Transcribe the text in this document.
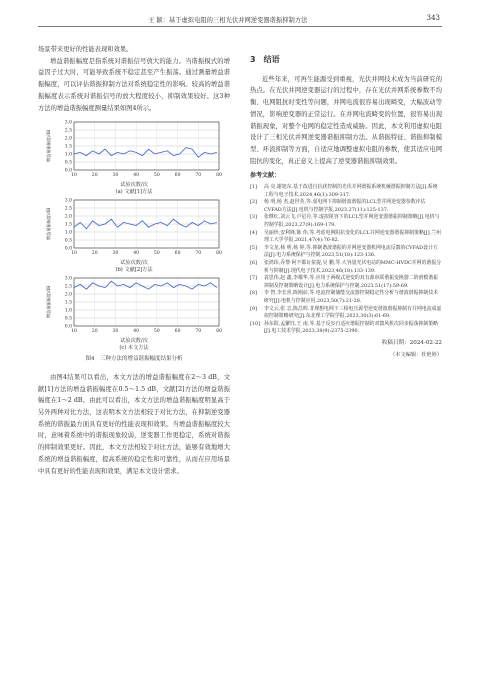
王 颖：基于虚拟电阻的三相光伏并网逆变器谐振抑制方法	343

场景带来更好的性能表现和效果。

增益谐振幅度是指系统对谐振信号放大的能力。当谐振模式的增益因子过大时，可能导致系统不稳定甚至产生振荡。通过测量增益谐振幅度，可以评估谐振抑制方法对系统稳定性的影响。较高的增益谐振幅度表示系统对谐振信号的放大程度较小，抑制效果较好。这3种方法的增益谐振幅度测量结果如图4所示。

0.0
0.5
1.0
1.5
2.0
2.5
3.0
10	20	30	40	50	60	70	80
增益谐振幅度/dB
试验次数/次
(a) 文献[1]方法
0.0
0.5
1.0
1.5
2.0
2.5
3.0
10	20	30	40	50	60	70	80
增益谐振幅度/dB
试验次数/次
(b) 文献[2]方法
0.0
0.5
1.0
1.5
2.0
2.5
3.0
10	20	30	40	50	60	70	80
增益谐振幅度/dB
试验次数/次
(c) 本文方法
图4　三种方法的增益谐振幅度结果分析

由图4结果可以看出，本文方法的增益谐振幅度在2～3 dB，文献[1]方法的增益谐振幅度在0.5～1.5 dB，文献[2]方法的增益谐振幅度在1～2 dB。由此可以看出，本文方法的增益谐振幅度明显高于另外两种对比方法，这表明本文方法相较于对比方法，在抑制逆变器系统的谐振最方面具有更好的性能表现和效果。当增益谐振幅度较大时，意味着系统中的谐振现象较弱，逆变器工作更稳定，系统对谐振的抑制效果更好。因此，本文方法相较于对比方法，能够有效地增大系统的增益谐振幅度，提高系统的稳定性和可靠性，从而在应用场景中具有更好的性能表现和效果，满足本文设计需求。

3　结语

近些年来，可再生能源受到重视，光伏并网技术成为当前研究的热点。在光伏并网逆变器运行的过程中，存在光伏并网系统参数不均衡、电网阻抗时变性等问题，并网电流很容易出现畸变，大幅波动等情况，影响逆变器的正常运行。在并网电流畸变的位置，很容易出现谐振现象，对整个电网的稳定性造成威胁。因此，本文利用虚拟电阻设计了三相光伏并网逆变器谐振抑制方法。从谐振特征、谐振抑制模型、环流抑制等方面，自适应地调整虚拟电阻的参数，使其适应电网阻抗的变化，真正意义上提高了逆变器谐振抑制效果。

参考文献：
[1]	高 亮,谢旭东.基于改进自抗扰控制的光伏并网谐振系统机械谐振抑制方法[J].系统工程与电子技术,2024,46(1):309-317.
[2]	杨 明,杨 杰,赵世英,等.弱电网下抑制谐波谐振的LCL型并网逆变器参数评估CVFAD方法[J].电机与控制学报,2023,27(11):125-137.
[3]	张继红,刘云飞,卢星丹,等.虚拟阻容下的LCL型并网逆变器谐振抑制策略[J].电机与控制学报,2023,27(9):169-179.
[4]	吴丽珍,安利锋,陈 伟,等.考虑电网阻抗变化的LCL并网逆变器谐振抑制策略[J].兰州理工大学学报,2021,47(4):76-82.
[5]	李文龙,杨 明,杨 婷,等.抑制谐波谐振的并网逆变器机网电流反馈的CVFAD设计方法[J].电力系统保护与控制,2023,51(18):123-136.
[6]	张鸿玮,乔黎·阿不都瓦依提,吴 鹏,等.大容量光伏电站的MMC-HVDC并网的谐振分析与抑制[J].现代电子技术,2023,46(18):133-139.
[7]	袁思伟,赵 鑫,李耀华,等.应用于两级式逆变的双有源串联谐振变换器二阶滑模谐振抑制及控制策略设计[J].电力系统保护与控制,2023,51(17):59-69.
[8]	李 智,李长喜,陈刚前,等.电流控制储能交流器控制稳定性分析与谐波谐振抑制技术研究[J].电机与控制应用,2023,50(7):21-28.
[9]	李文云,张 志,陈昌辉.非理想电网下三相电压源型逆变谐波谐振抑制有并网电流成虚拟控制策略研究[J].东北理工学院学报,2023,30(3):61-69.
[10] 孙东阳,孟繁钰,王 南,等.基于反步自适应谐振控制的双馈风机次同步振荡抑制策略[J].电工技术学报,2023,38(9):2375-2390.
收稿日期：2024-02-22
（本文编辑：杜艳婷）
